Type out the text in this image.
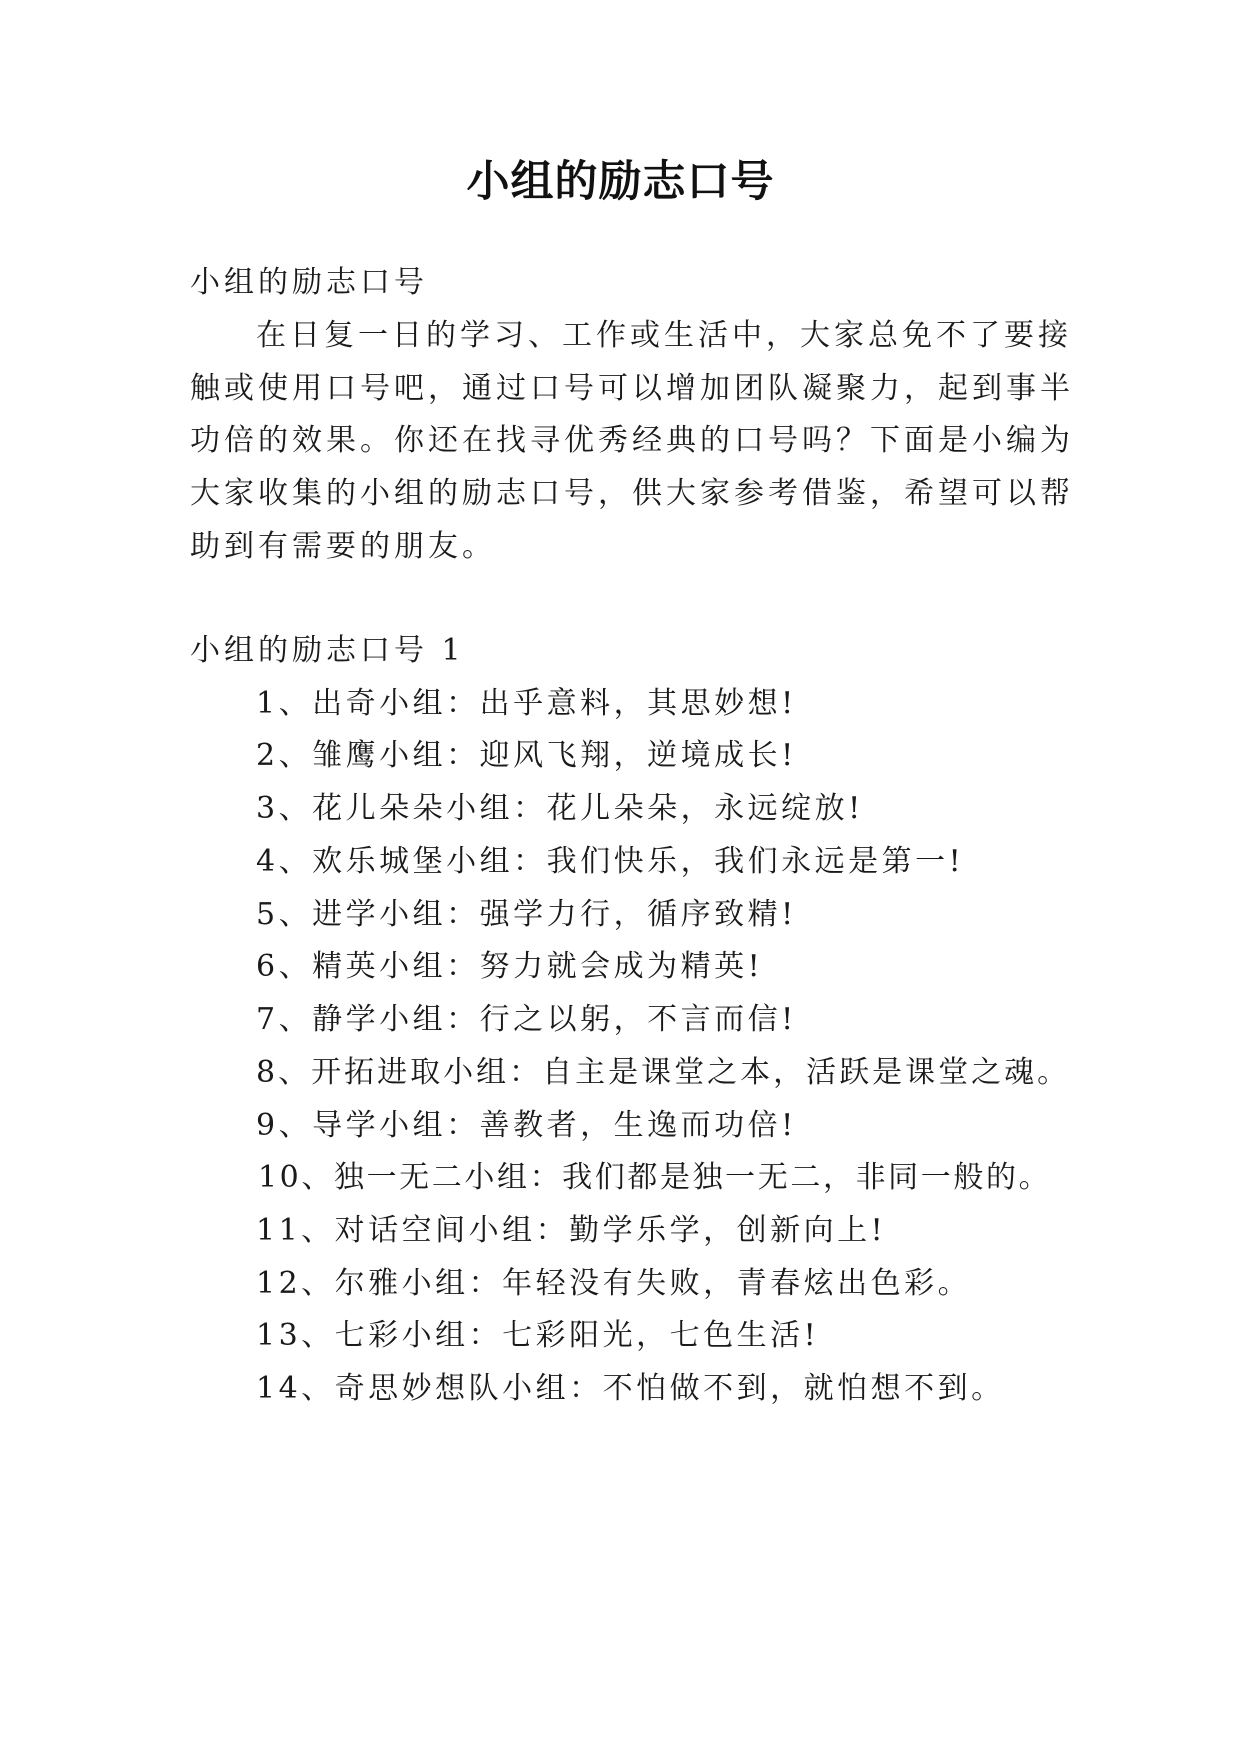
小组的励志口号
小组的励志口号
在日复一日的学习、工作或生活中，大家总免不了要接
触或使用口号吧，通过口号可以增加团队凝聚力，起到事半
功倍的效果。你还在找寻优秀经典的口号吗？下面是小编为
大家收集的小组的励志口号，供大家参考借鉴，希望可以帮
助到有需要的朋友。
小组的励志口号 1
1、出奇小组：出乎意料，其思妙想!
2、雏鹰小组：迎风飞翔，逆境成长!
3、花儿朵朵小组：花儿朵朵，永远绽放!
4、欢乐城堡小组：我们快乐，我们永远是第一!
5、进学小组：强学力行，循序致精!
6、精英小组：努力就会成为精英!
7、静学小组：行之以躬，不言而信!
8、开拓进取小组：自主是课堂之本，活跃是课堂之魂。
9、导学小组：善教者，生逸而功倍!
10、独一无二小组：我们都是独一无二，非同一般的。
11、对话空间小组：勤学乐学，创新向上!
12、尔雅小组：年轻没有失败，青春炫出色彩。
13、七彩小组：七彩阳光，七色生活!
14、奇思妙想队小组：不怕做不到，就怕想不到。
